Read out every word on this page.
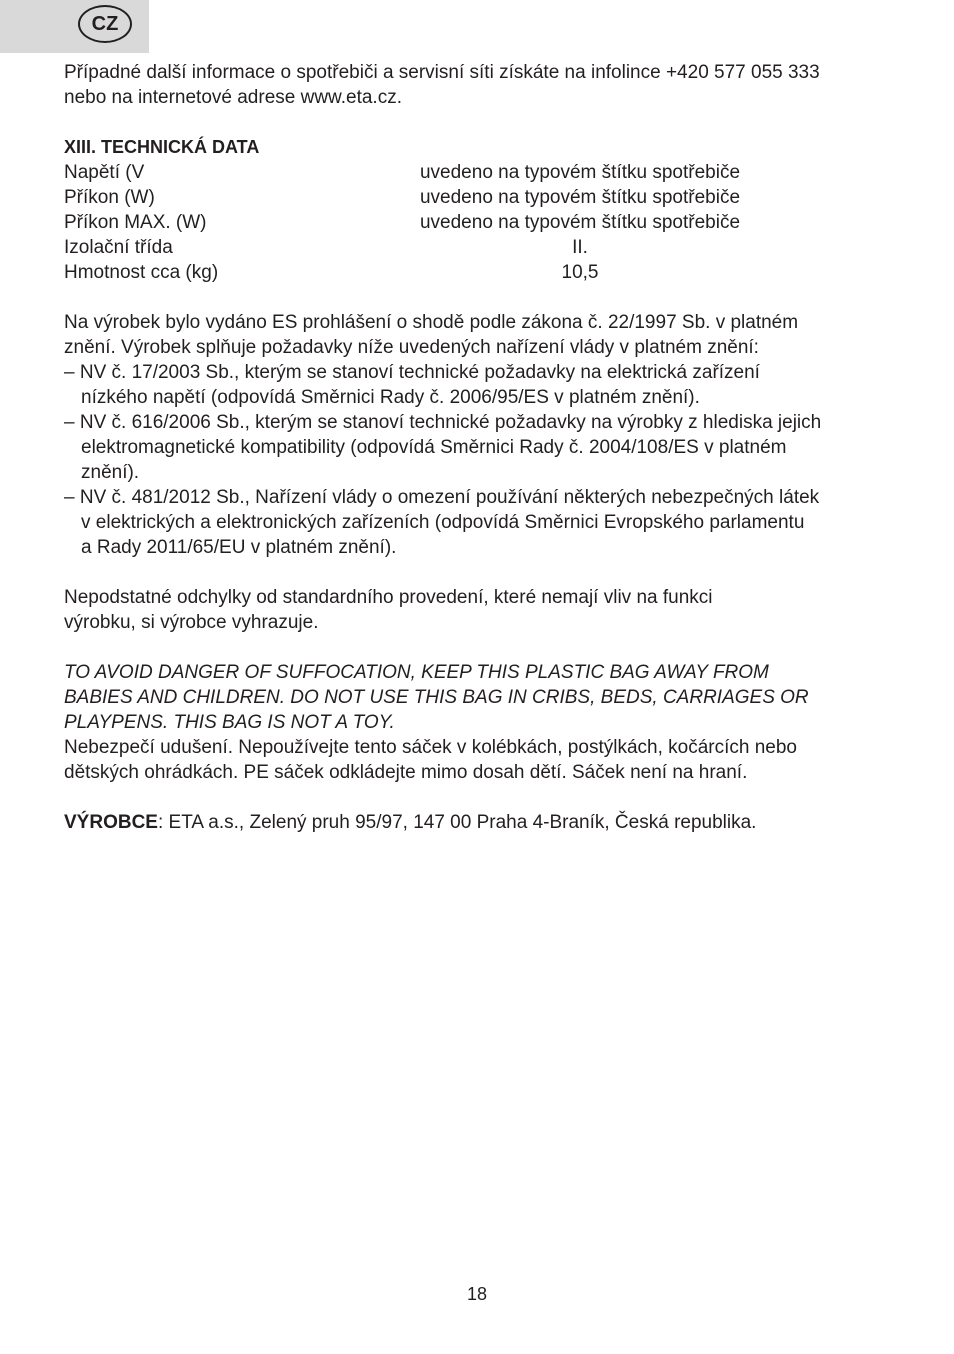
CZ

Případné další informace o spotřebiči a servisní síti získáte na infolince +420 577 055 333

nebo na internetové adrese www.eta.cz.

XIII. TECHNICKÁ DATA

Napětí (V	uvedeno na typovém štítku spotřebiče
Příkon (W)	uvedeno na typovém štítku spotřebiče
Příkon MAX. (W)	uvedeno na typovém štítku spotřebiče
Izolační třída	II.
Hmotnost cca (kg)	10,5

Na výrobek bylo vydáno ES prohlášení o shodě podle zákona č. 22/1997 Sb. v platném

znění. Výrobek splňuje požadavky níže uvedených nařízení vlády v platném znění:

– NV č. 17/2003 Sb., kterým se stanoví technické požadavky na elektrická zařízení

nízkého napětí (odpovídá Směrnici Rady č. 2006/95/ES v platném znění).

– NV č. 616/2006 Sb., kterým se stanoví technické požadavky na výrobky z hlediska jejich

elektromagnetické kompatibility (odpovídá Směrnici Rady č. 2004/108/ES v platném

znění).

– NV č. 481/2012 Sb., Nařízení vlády o omezení používání některých nebezpečných látek

v elektrických a elektronických zařízeních (odpovídá Směrnici Evropského parlamentu

a Rady 2011/65/EU v platném znění).

Nepodstatné odchylky od standardního provedení, které nemají vliv na funkci

výrobku, si výrobce vyhrazuje.

TO AVOID DANGER OF SUFFOCATION, KEEP THIS PLASTIC BAG AWAY FROM

BABIES AND CHILDREN. DO NOT USE THIS BAG IN CRIBS, BEDS, CARRIAGES OR

PLAYPENS. THIS BAG IS NOT A TOY.

Nebezpečí udušení. Nepoužívejte tento sáček v kolébkách, postýlkách, kočárcích nebo

dětských ohrádkách. PE sáček odkládejte mimo dosah dětí. Sáček není na hraní.

VÝROBCE: ETA a.s., Zelený pruh 95/97, 147 00 Praha 4-Braník, Česká republika.

18
